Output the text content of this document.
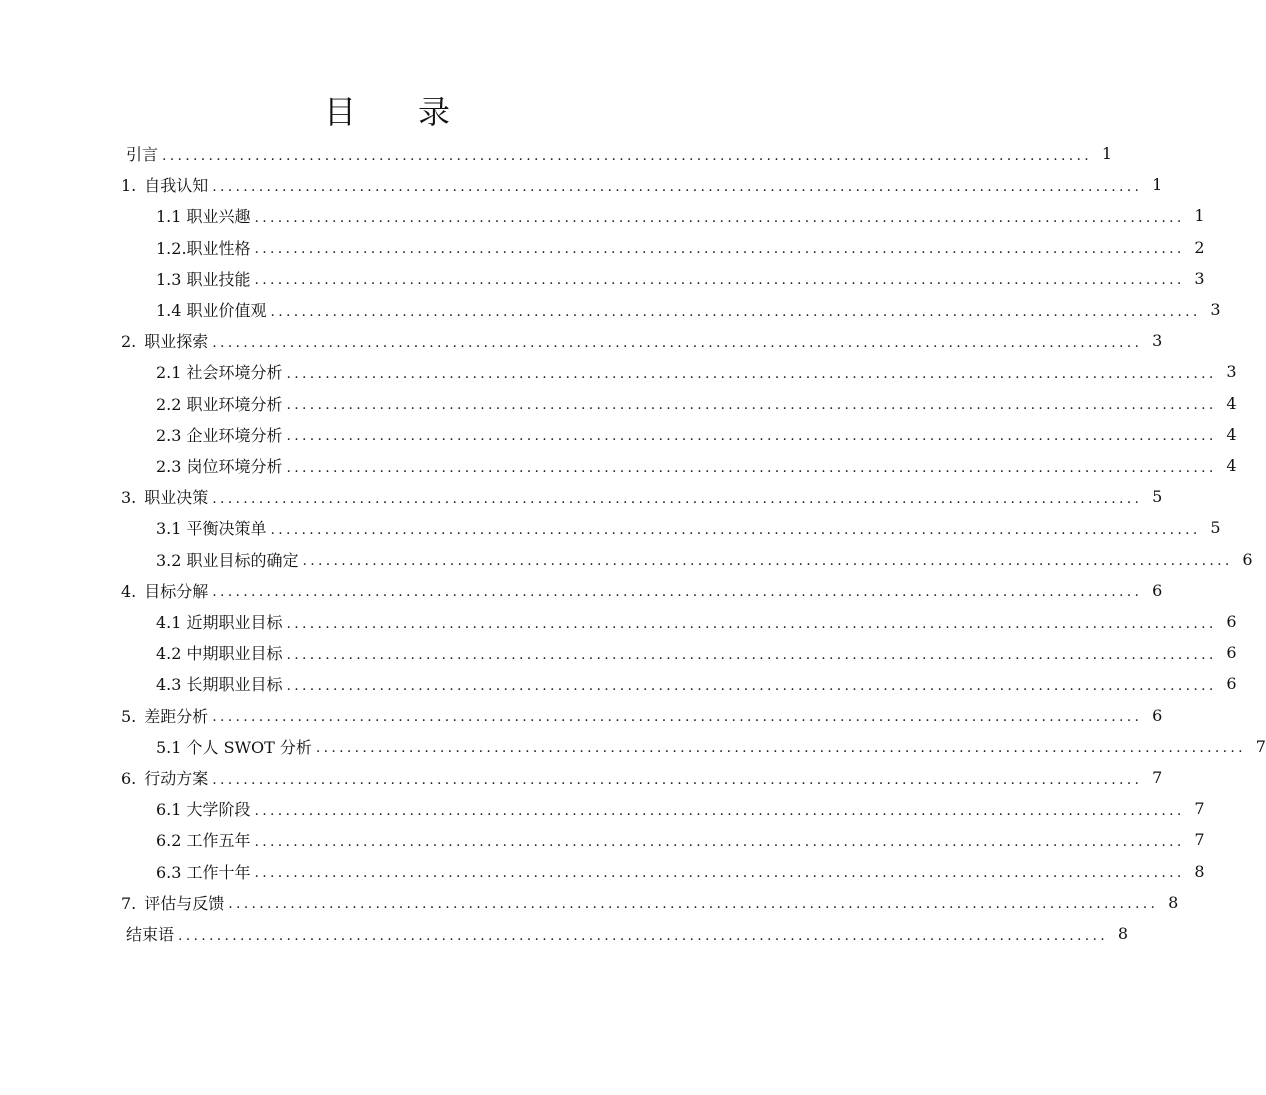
目 录
引言 ........................................................................................................................ 1
1. 自我认知 ........................................................................................................................ 1
1.1 职业兴趣 ........................................................................................................................ 1
1.2.职业性格 ........................................................................................................................ 2
1.3 职业技能 ........................................................................................................................ 3
1.4 职业价值观 ........................................................................................................................ 3
2. 职业探索 ........................................................................................................................ 3
2.1 社会环境分析 ........................................................................................................................ 3
2.2 职业环境分析 ........................................................................................................................ 4
2.3 企业环境分析 ........................................................................................................................ 4
2.3 岗位环境分析 ........................................................................................................................ 4
3. 职业决策 ........................................................................................................................ 5
3.1 平衡决策单 ........................................................................................................................ 5
3.2 职业目标的确定 ........................................................................................................................ 6
4. 目标分解 ........................................................................................................................ 6
4.1 近期职业目标 ........................................................................................................................ 6
4.2 中期职业目标 ........................................................................................................................ 6
4.3 长期职业目标 ........................................................................................................................ 6
5. 差距分析 ........................................................................................................................ 6
5.1 个人 SWOT 分析 ........................................................................................................................ 7
6. 行动方案 ........................................................................................................................ 7
6.1 大学阶段 ........................................................................................................................ 7
6.2 工作五年 ........................................................................................................................ 7
6.3 工作十年 ........................................................................................................................ 8
7. 评估与反馈 ........................................................................................................................ 8
结束语 ........................................................................................................................ 8
